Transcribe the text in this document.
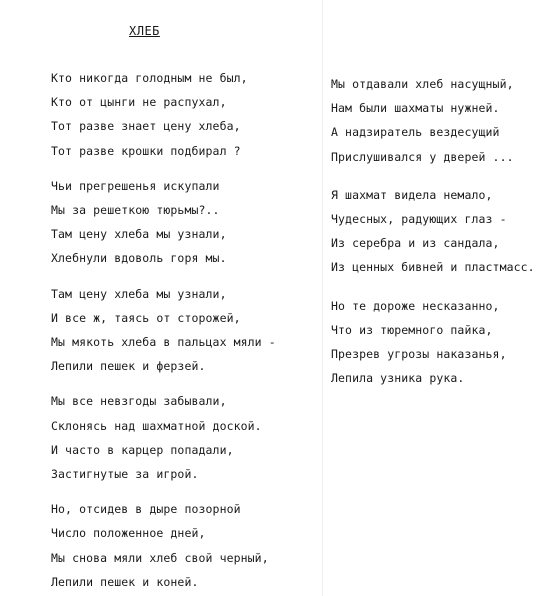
ХЛЕБ
Кто никогда голодным не был,
Кто от цынги не распухал,
Тот разве знает цену хлеба,
Тот разве крошки подбирал ?
Чьи прегрешенья искупали
Мы за решеткою тюрьмы?..
Там цену хлеба мы узнали,
Хлебнули вдоволь горя мы.
Там цену хлеба мы узнали,
И все ж, таясь от сторожей,
Мы мякоть хлеба в пальцах мяли -
Лепили пешек и ферзей.
Мы все невзгоды забывали,
Склонясь над шахматной доской.
И часто в карцер попадали,
Застигнутые за игрой.
Но, отсидев в дыре позорной
Число положенное дней,
Мы снова мяли хлеб свой черный,
Лепили пешек и коней.
Мы отдавали хлеб насущный,
Нам были шахматы нужней.
А надзиратель вездесущий
Прислушивался у дверей ...
Я шахмат видела немало,
Чудесных, радующих глаз -
Из серебра и из сандала,
Из ценных бивней и пластмасс.
Но те дороже несказанно,
Что из тюремного пайка,
Презрев угрозы наказанья,
Лепила узника рука.
